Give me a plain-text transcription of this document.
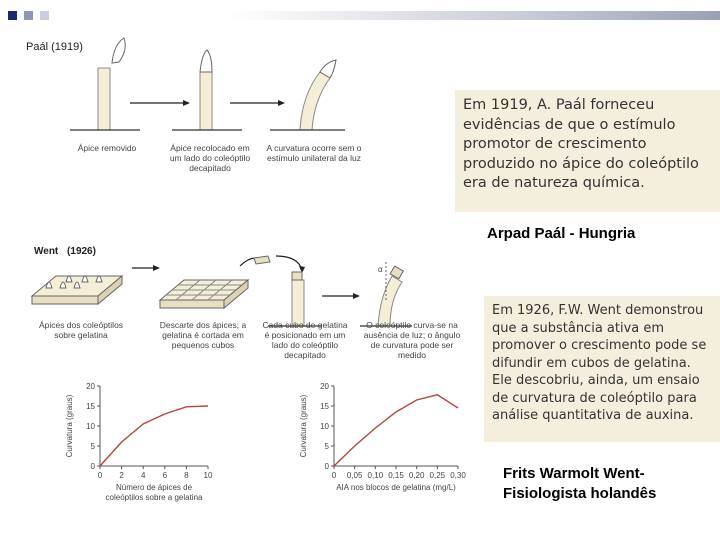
Paál (1919)
Ápice removido	Ápice recolocado em um lado do coleóptilo decapitado
A curvatura ocorre sem o estímulo unilateral da luz
Em 1919, A. Paál forneceu evidências de que o estímulo promotor de crescimento produzido no ápice do coleóptilo era de natureza química.
Arpad Paál - Hungria
Went (1926)
α
Ápices dos coleóptilos sobre gelatina
Descarte dos ápices; a gelatina é cortada em pequenos cubos
Cada cubo de gelatina é posicionado em um lado do coleóptilo decapitado
O coleóptilo curva-se na ausência de luz; o ângulo de curvatura pode ser medido
0
5
10
15
20
0 2 4 6 8 10
Curvatura (graus)
Número de ápices de coleóptilos sobre a gelatina
0
5
10
15
20
0 0,05 0,10 0,15 0,20 0,25 0,30
Curvatura (graus)
AIA nos blocos de gelatina (mg/L)
Em 1926, F.W. Went demonstrou que a substância ativa em promover o crescimento pode se difundir em cubos de gelatina. Ele descobriu, ainda, um ensaio de curvatura de coleóptilo para análise quantitativa de auxina.
Frits Warmolt Went-
Fisiologista holandês
